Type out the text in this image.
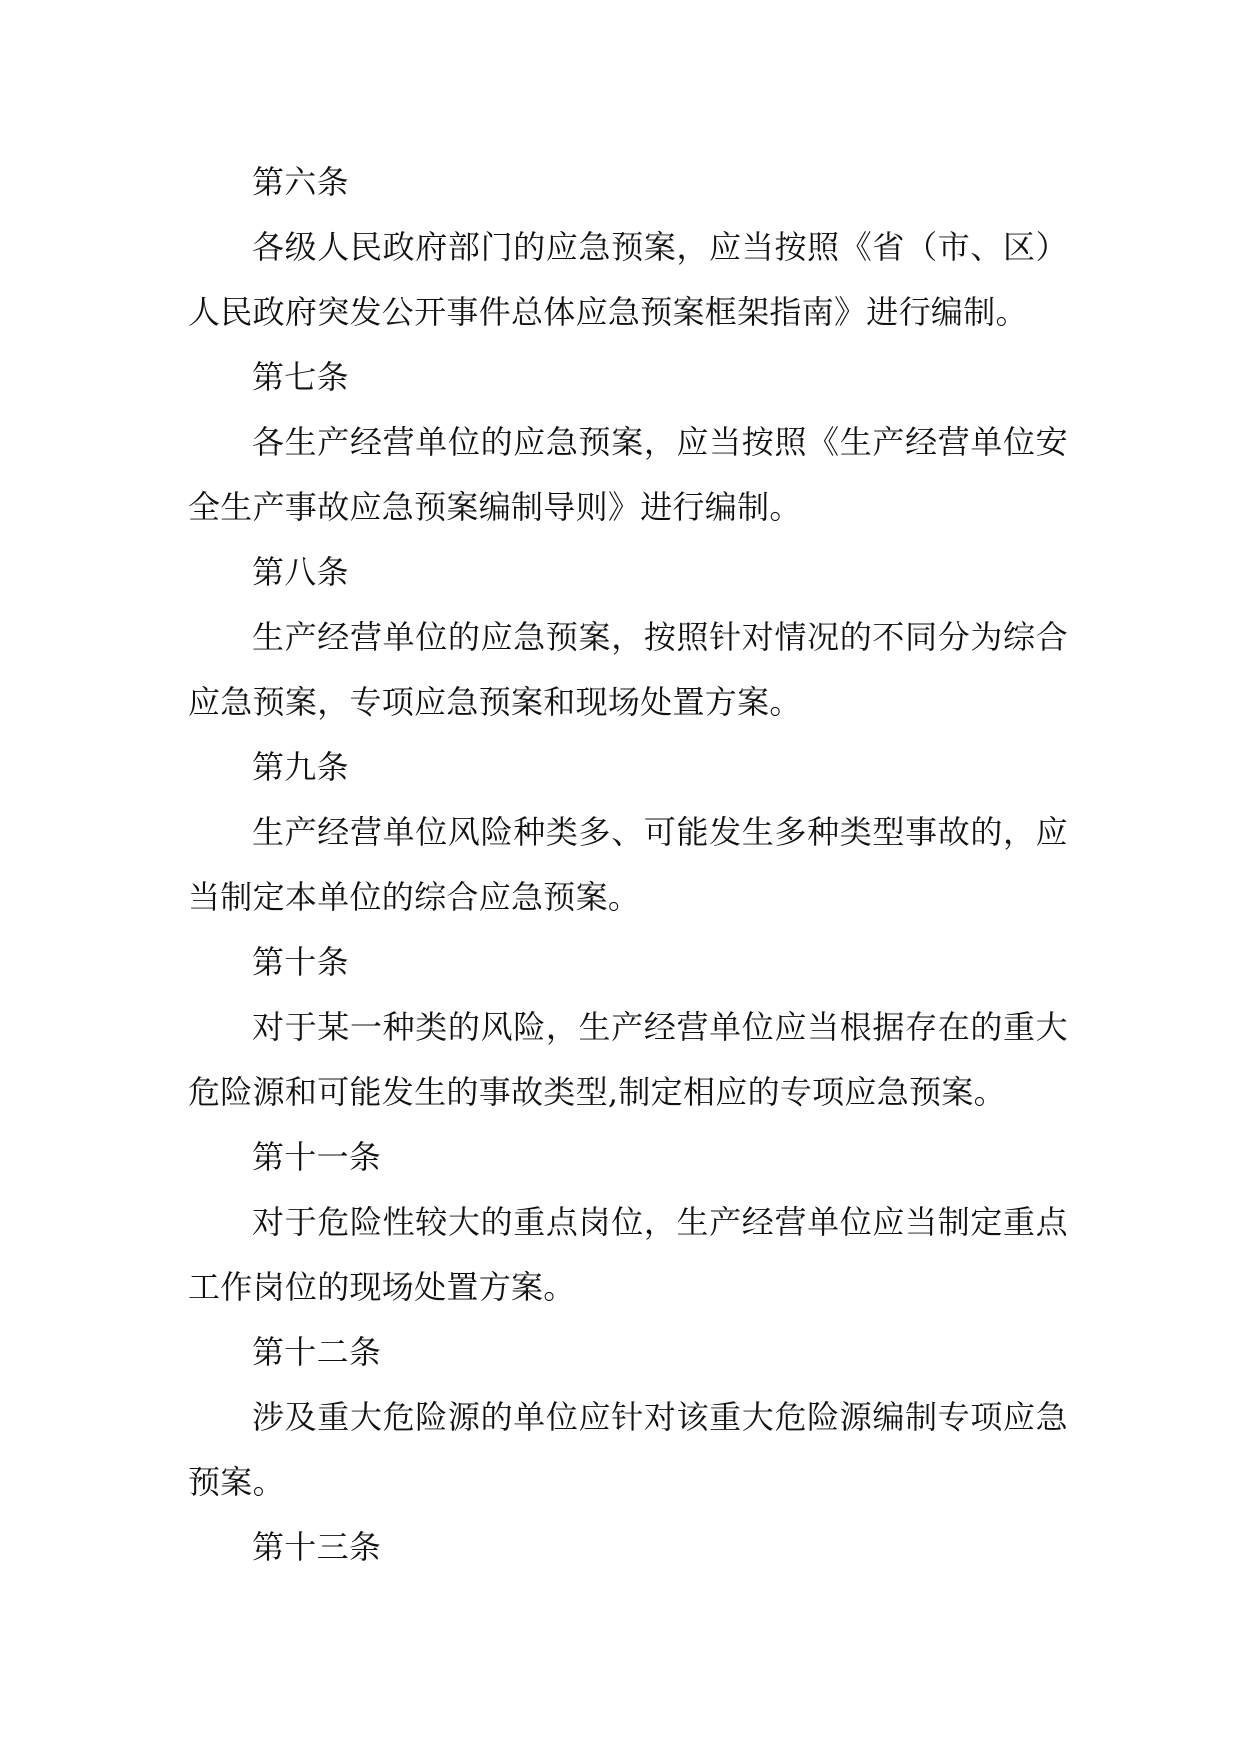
第六条

各级人民政府部门的应急预案，应当按照《省（市、区）人民政府突发公开事件总体应急预案框架指南》进行编制。

第七条

各生产经营单位的应急预案，应当按照《生产经营单位安全生产事故应急预案编制导则》进行编制。

第八条

生产经营单位的应急预案，按照针对情况的不同分为综合应急预案，专项应急预案和现场处置方案。

第九条

生产经营单位风险种类多、可能发生多种类型事故的，应当制定本单位的综合应急预案。

第十条

对于某一种类的风险，生产经营单位应当根据存在的重大危险源和可能发生的事故类型,制定相应的专项应急预案。

第十一条

对于危险性较大的重点岗位，生产经营单位应当制定重点工作岗位的现场处置方案。

第十二条

涉及重大危险源的单位应针对该重大危险源编制专项应急预案。

第十三条
